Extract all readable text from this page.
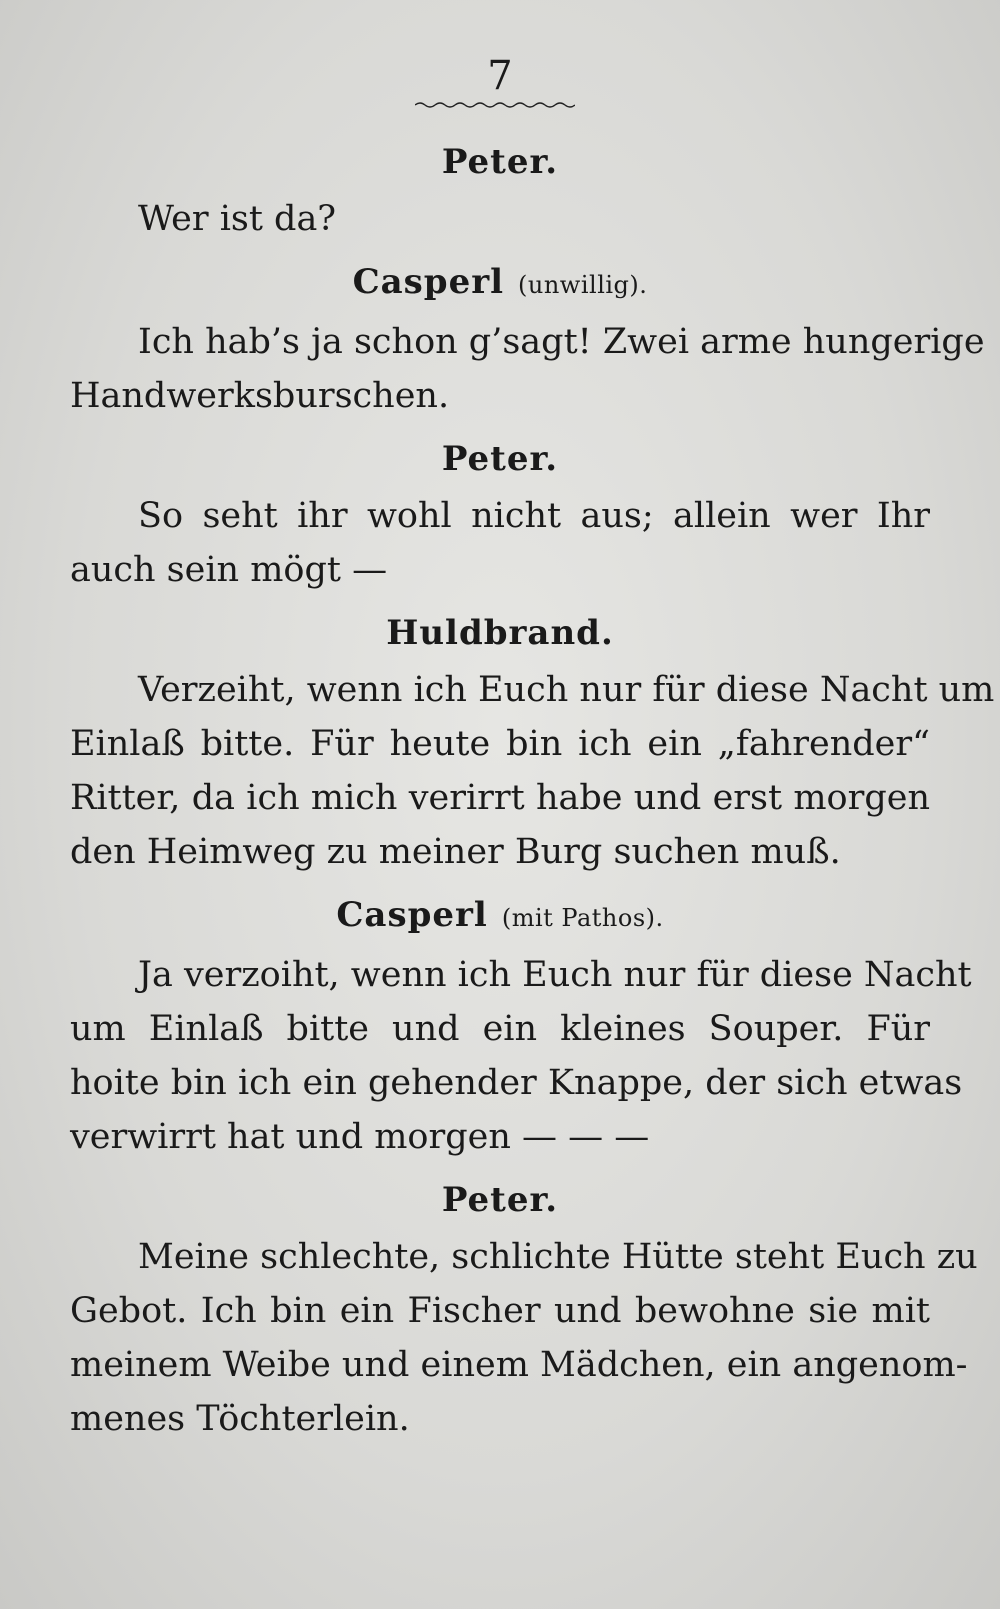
7
Peter.
Wer ist da?
Casperl (unwillig).
Ich hab’s ja schon g’sagt! Zwei arme hungerige
Handwerksburschen.
Peter.
So seht ihr wohl nicht aus; allein wer Ihr
auch sein mögt —
Huldbrand.
Verzeiht, wenn ich Euch nur für diese Nacht um
Einlaß bitte. Für heute bin ich ein „fahrender“
Ritter, da ich mich verirrt habe und erst morgen
den Heimweg zu meiner Burg suchen muß.
Casperl (mit Pathos).
Ja verzoiht, wenn ich Euch nur für diese Nacht
um Einlaß bitte und ein kleines Souper. Für
hoite bin ich ein gehender Knappe, der sich etwas
verwirrt hat und morgen — — —
Peter.
Meine schlechte, schlichte Hütte steht Euch zu
Gebot. Ich bin ein Fischer und bewohne sie mit
meinem Weibe und einem Mädchen, ein angenom-
menes Töchterlein.
